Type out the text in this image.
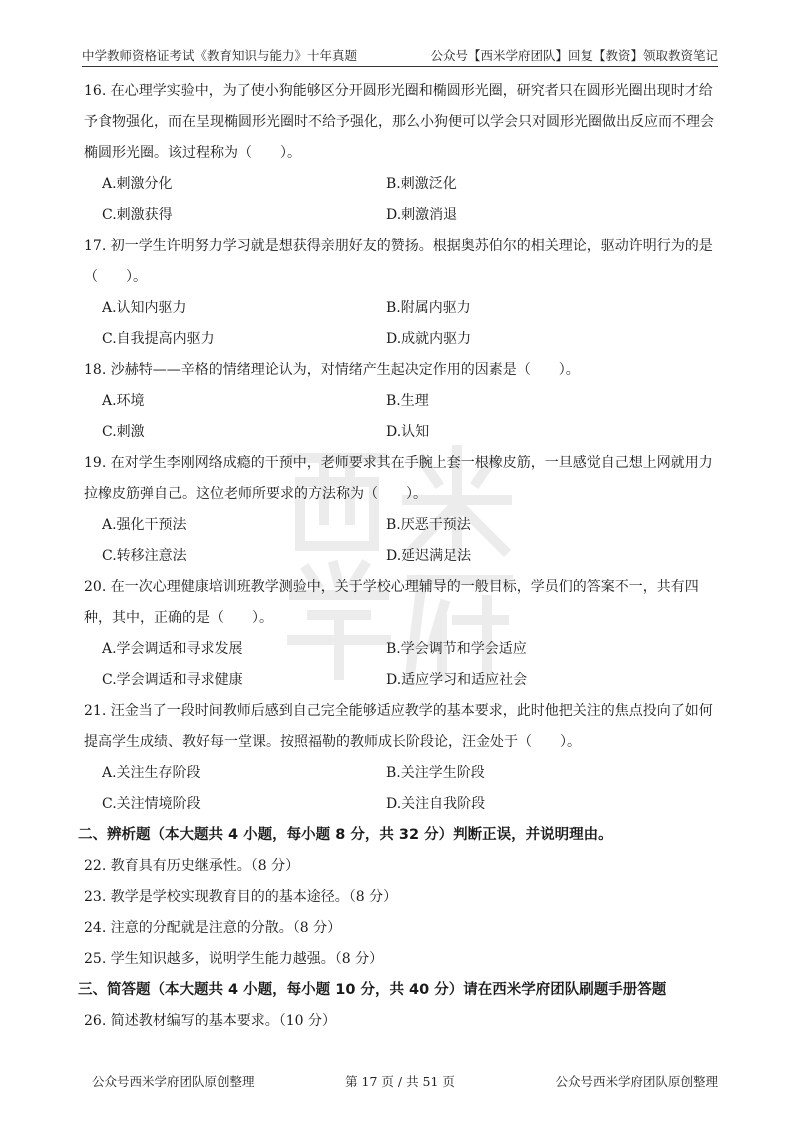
中学教师资格证考试《教育知识与能力》十年真题	公众号【西米学府团队】回复【教资】领取教资笔记
16. 在心理学实验中，为了使小狗能够区分开圆形光圈和椭圆形光圈，研究者只在圆形光圈出现时才给予食物强化，而在呈现椭圆形光圈时不给予强化，那么小狗便可以学会只对圆形光圈做出反应而不理会椭圆形光圈。该过程称为（　　）。
A.刺激分化	B.刺激泛化
C.刺激获得	D.刺激消退
17. 初一学生许明努力学习就是想获得亲朋好友的赞扬。根据奥苏伯尔的相关理论，驱动许明行为的是（　　）。
A.认知内驱力	B.附属内驱力
C.自我提高内驱力	D.成就内驱力
18. 沙赫特——辛格的情绪理论认为，对情绪产生起决定作用的因素是（　　）。
A.环境	B.生理
C.刺激	D.认知
19. 在对学生李刚网络成瘾的干预中，老师要求其在手腕上套一根橡皮筋，一旦感觉自己想上网就用力拉橡皮筋弹自己。这位老师所要求的方法称为（　　）。
A.强化干预法	B.厌恶干预法
C.转移注意法	D.延迟满足法
20. 在一次心理健康培训班教学测验中，关于学校心理辅导的一般目标，学员们的答案不一，共有四种，其中，正确的是（　　）。
A.学会调适和寻求发展	B.学会调节和学会适应
C.学会调适和寻求健康	D.适应学习和适应社会
21. 汪金当了一段时间教师后感到自己完全能够适应教学的基本要求，此时他把关注的焦点投向了如何提高学生成绩、教好每一堂课。按照福勒的教师成长阶段论，汪金处于（　　）。
A.关注生存阶段	B.关注学生阶段
C.关注情境阶段	D.关注自我阶段
二、辨析题（本大题共 4 小题，每小题 8 分，共 32 分）判断正误，并说明理由。
22. 教育具有历史继承性。（8 分）
23. 教学是学校实现教育目的的基本途径。（8 分）
24. 注意的分配就是注意的分散。（8 分）
25. 学生知识越多，说明学生能力越强。（8 分）
三、简答题（本大题共 4 小题，每小题 10 分，共 40 分）请在西米学府团队刷题手册答题
26. 简述教材编写的基本要求。（10 分）
公众号西米学府团队原创整理	第 17 页 / 共 51 页	公众号西米学府团队原创整理
